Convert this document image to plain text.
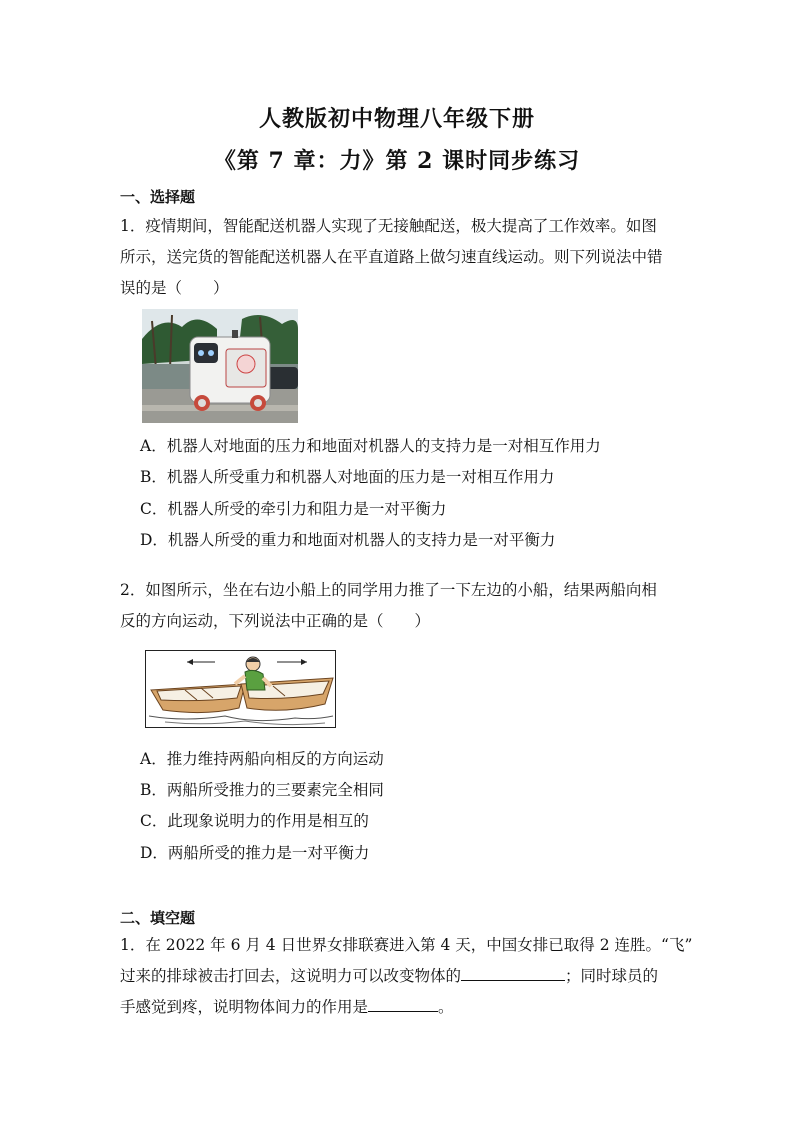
人教版初中物理八年级下册
《第 7 章：力》第 2 课时同步练习
一、选择题
1．疫情期间，智能配送机器人实现了无接触配送，极大提高了工作效率。如图
所示，送完货的智能配送机器人在平直道路上做匀速直线运动。则下列说法中错
误的是（　　）
A．机器人对地面的压力和地面对机器人的支持力是一对相互作用力
B．机器人所受重力和机器人对地面的压力是一对相互作用力
C．机器人所受的牵引力和阻力是一对平衡力
D．机器人所受的重力和地面对机器人的支持力是一对平衡力
2．如图所示，坐在右边小船上的同学用力推了一下左边的小船，结果两船向相
反的方向运动，下列说法中正确的是（　　）
A．推力维持两船向相反的方向运动
B．两船所受推力的三要素完全相同
C．此现象说明力的作用是相互的
D．两船所受的推力是一对平衡力
二、填空题
1．在 2022 年 6 月 4 日世界女排联赛进入第 4 天，中国女排已取得 2 连胜。“飞”
过来的排球被击打回去，这说明力可以改变物体的	；同时球员的
手感觉到疼，说明物体间力的作用是	。
